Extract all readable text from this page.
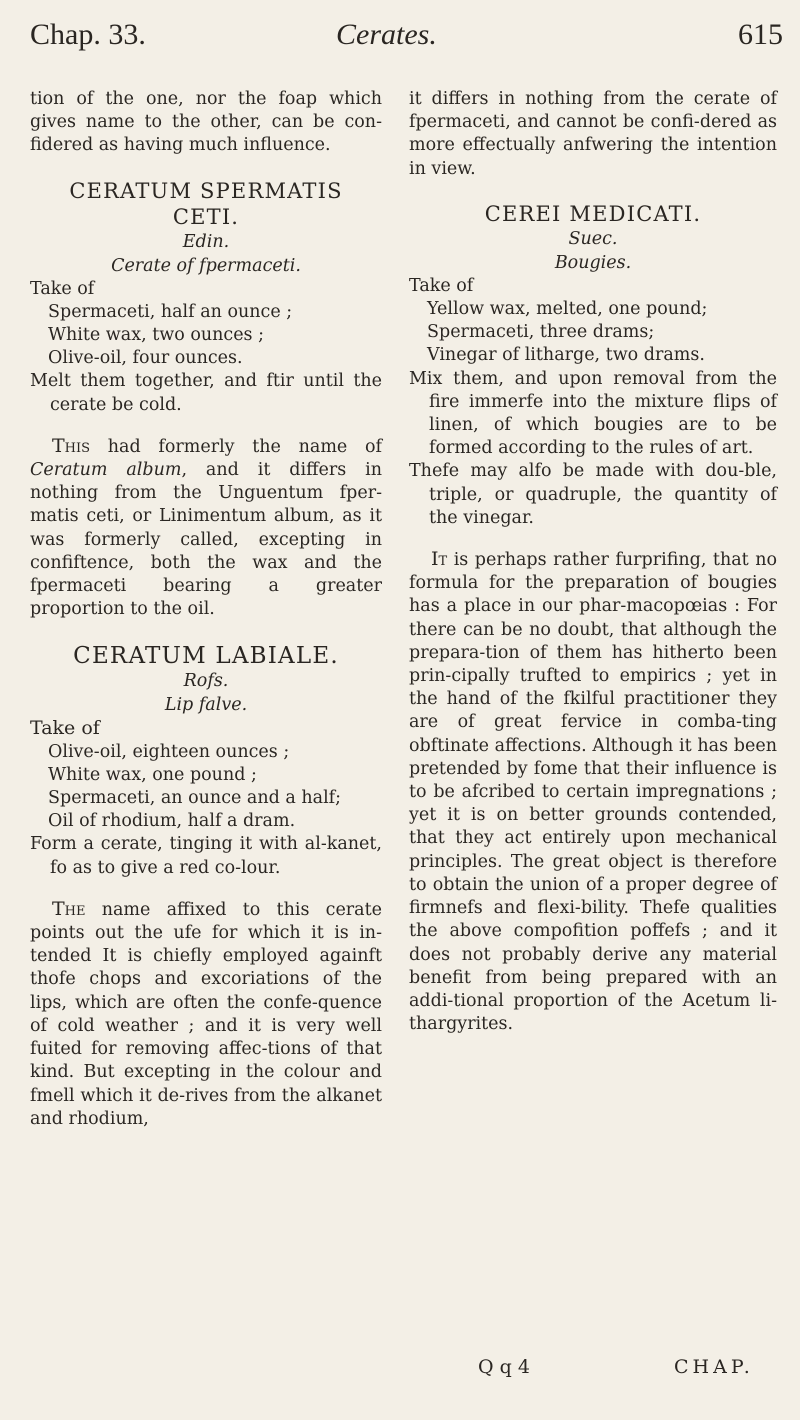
Chap. 33.	Cerates.	615

tion of the one, nor the foap which gives name to the other, can be con-fidered as having much influence.

CERATUM SPERMATIS

CETI.

Edin.

Cerate of fpermaceti.

Take of

Spermaceti, half an ounce ;

White wax, two ounces ;

Olive-oil, four ounces.

Melt them together, and ftir until the cerate be cold.

This had formerly the name of Ceratum album, and it differs in nothing from the Unguentum fper-matis ceti, or Linimentum album, as it was formerly called, excepting in confiftence, both the wax and the fpermaceti bearing a greater proportion to the oil.

CERATUM LABIALE.

Rofs.

Lip falve.

Take of

Olive-oil, eighteen ounces ;

White wax, one pound ;

Spermaceti, an ounce and a half;

Oil of rhodium, half a dram.

Form a cerate, tinging it with al-kanet, fo as to give a red co-lour.

The name affixed to this cerate points out the ufe for which it is in-tended It is chiefly employed againft thofe chops and excoriations of the lips, which are often the confe-quence of cold weather ; and it is very well fuited for removing affec-tions of that kind. But excepting in the colour and fmell which it de-rives from the alkanet and rhodium,

it differs in nothing from the cerate of fpermaceti, and cannot be confi-dered as more effectually anfwering the intention in view.

CEREI MEDICATI.

Suec.

Bougies.

Take of

Yellow wax, melted, one pound;

Spermaceti, three drams;

Vinegar of litharge, two drams.

Mix them, and upon removal from the fire immerfe into the mixture flips of linen, of which bougies are to be formed according to the rules of art.

Thefe may alfo be made with dou-ble, triple, or quadruple, the quantity of the vinegar.

It is perhaps rather furprifing, that no formula for the preparation of bougies has a place in our phar-macopœias : For there can be no doubt, that although the prepara-tion of them has hitherto been prin-cipally trufted to empirics ; yet in the hand of the fkilful practitioner they are of great fervice in comba-ting obftinate affections. Although it has been pretended by fome that their influence is to be afcribed to certain impregnations ; yet it is on better grounds contended, that they act entirely upon mechanical principles. The great object is therefore to obtain the union of a proper degree of firmnefs and flexi-bility. Thefe qualities the above compofition poffefs ; and it does not probably derive any material benefit from being prepared with an addi-tional proportion of the Acetum li-thargyrites.

Q q 4	CHAP.
